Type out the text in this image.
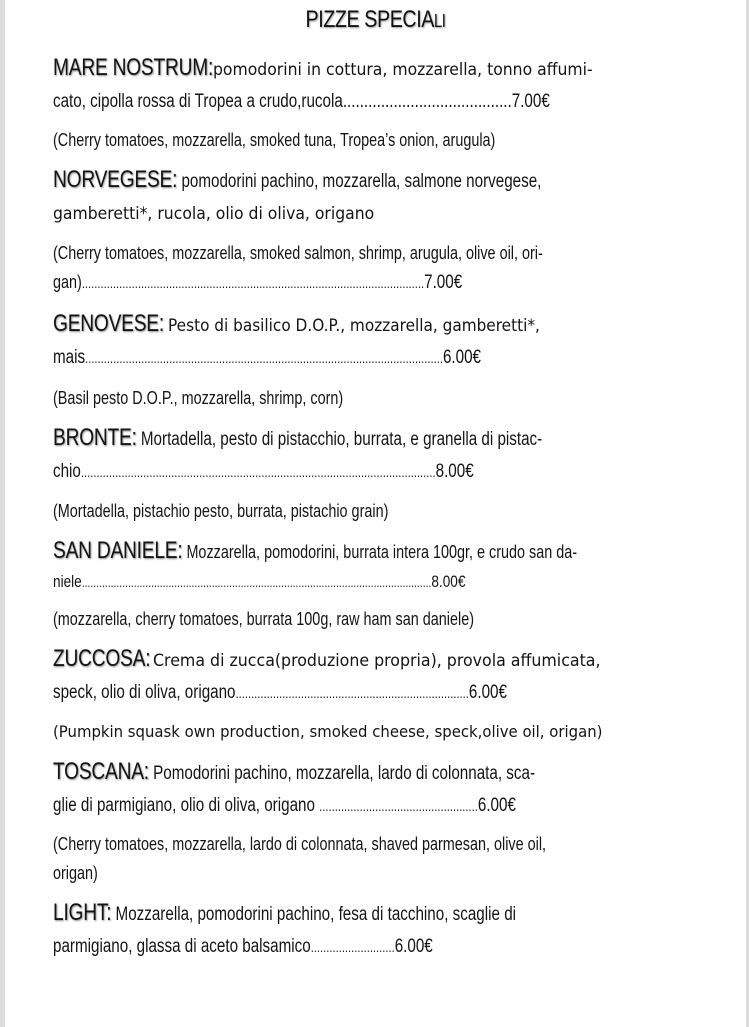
PIZZE SPECIALI
MARE NOSTRUM:pomodorini in cottura, mozzarella, tonno affumi-
cato, cipolla rossa di Tropea a crudo,rucola........................................7.00€
(Cherry tomatoes, mozzarella, smoked tuna, Tropea’s onion, arugula)
NORVEGESE: pomodorini pachino, mozzarella, salmone norvegese,
gamberetti*, rucola, olio di oliva, origano
(Cherry tomatoes, mozzarella, smoked salmon, shrimp, arugula, olive oil, ori-
gan)..............................................................................................................7.00€
GENOVESE:Pesto di basilico D.O.P., mozzarella, gamberetti*,
mais...................................................................................................................6.00€
(Basil pesto D.O.P., mozzarella, shrimp, corn)
BRONTE: Mortadella, pesto di pistacchio, burrata, e granella di pistac-
chio..................................................................................................................8.00€
(Mortadella, pistachio pesto, burrata, pistachio grain)
SAN DANIELE: Mozzarella, pomodorini, burrata intera 100gr, e crudo san da-
niele.........................................................................................................................8.00€
(mozzarella, cherry tomatoes, burrata 100g, raw ham san daniele)
ZUCCOSA:Crema di zucca(produzione propria), provola affumicata,
speck, olio di oliva, origano...........................................................................6.00€
(Pumpkin squask own production, smoked cheese, speck,olive oil, origan)
TOSCANA: Pomodorini pachino, mozzarella, lardo di colonnata, sca-
glie di parmigiano, olio di oliva, origano ...................................................6.00€
(Cherry tomatoes, mozzarella, lardo di colonnata, shaved parmesan, olive oil,
origan)
LIGHT: Mozzarella, pomodorini pachino, fesa di tacchino, scaglie di
parmigiano, glassa di aceto balsamico...........................6.00€
